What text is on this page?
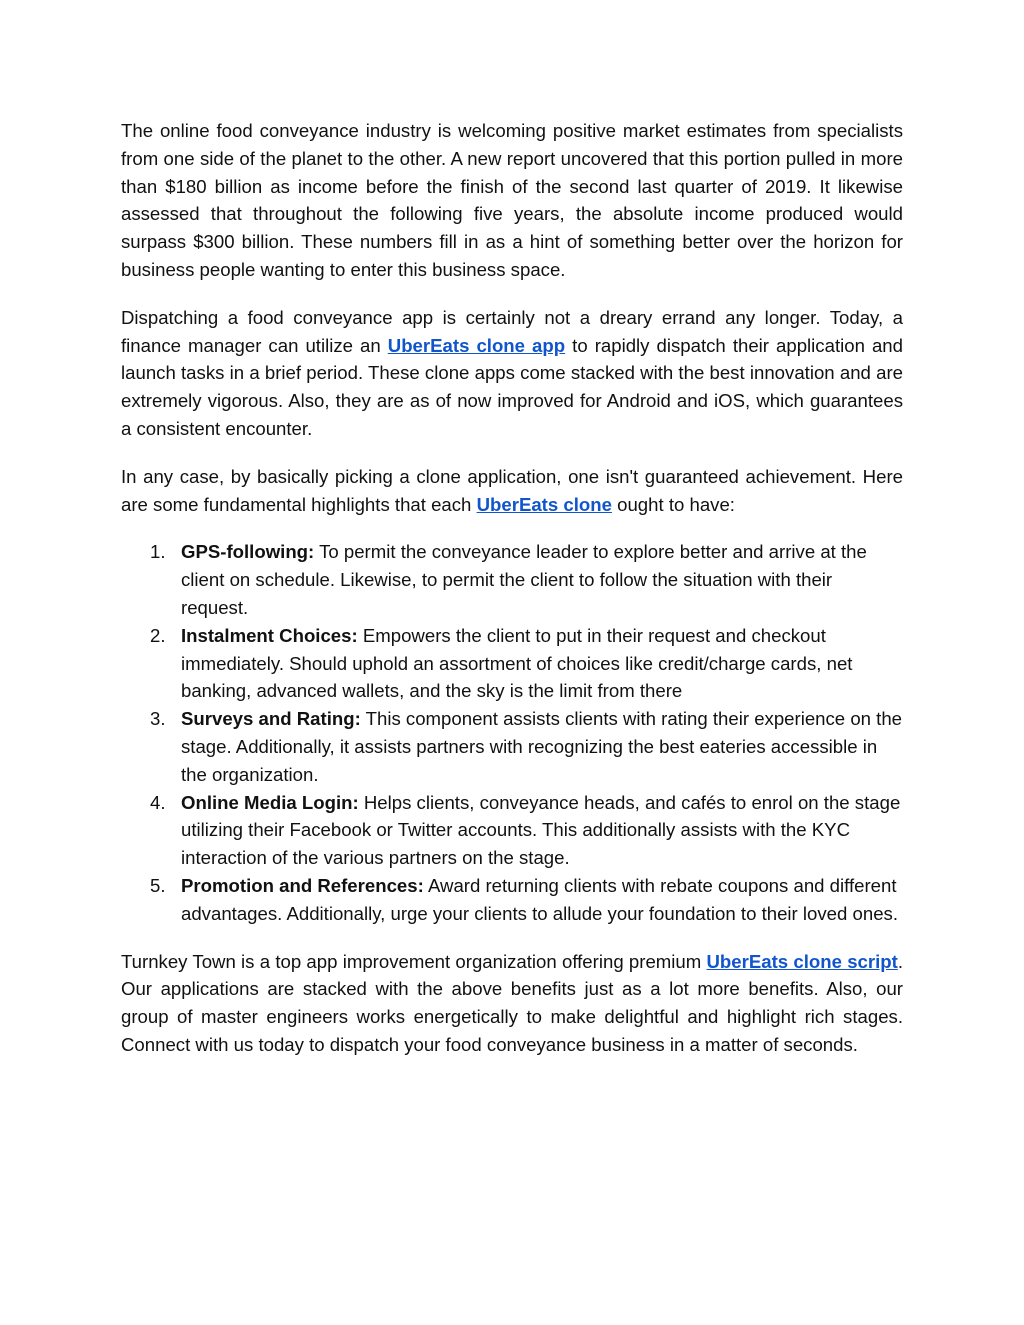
The online food conveyance industry is welcoming positive market estimates from specialists from one side of the planet to the other. A new report uncovered that this portion pulled in more than $180 billion as income before the finish of the second last quarter of 2019. It likewise assessed that throughout the following five years, the absolute income produced would surpass $300 billion. These numbers fill in as a hint of something better over the horizon for business people wanting to enter this business space.

Dispatching a food conveyance app is certainly not a dreary errand any longer. Today, a finance manager can utilize an UberEats clone app to rapidly dispatch their application and launch tasks in a brief period. These clone apps come stacked with the best innovation and are extremely vigorous. Also, they are as of now improved for Android and iOS, which guarantees a consistent encounter.

In any case, by basically picking a clone application, one isn't guaranteed achievement. Here are some fundamental highlights that each UberEats clone ought to have:

1. GPS-following: To permit the conveyance leader to explore better and arrive at the client on schedule. Likewise, to permit the client to follow the situation with their request.
2. Instalment Choices: Empowers the client to put in their request and checkout immediately. Should uphold an assortment of choices like credit/charge cards, net banking, advanced wallets, and the sky is the limit from there
3. Surveys and Rating: This component assists clients with rating their experience on the stage. Additionally, it assists partners with recognizing the best eateries accessible in the organization.
4. Online Media Login: Helps clients, conveyance heads, and cafés to enrol on the stage utilizing their Facebook or Twitter accounts. This additionally assists with the KYC interaction of the various partners on the stage.
5. Promotion and References: Award returning clients with rebate coupons and different advantages. Additionally, urge your clients to allude your foundation to their loved ones.

Turnkey Town is a top app improvement organization offering premium UberEats clone script. Our applications are stacked with the above benefits just as a lot more benefits. Also, our group of master engineers works energetically to make delightful and highlight rich stages. Connect with us today to dispatch your food conveyance business in a matter of seconds.
